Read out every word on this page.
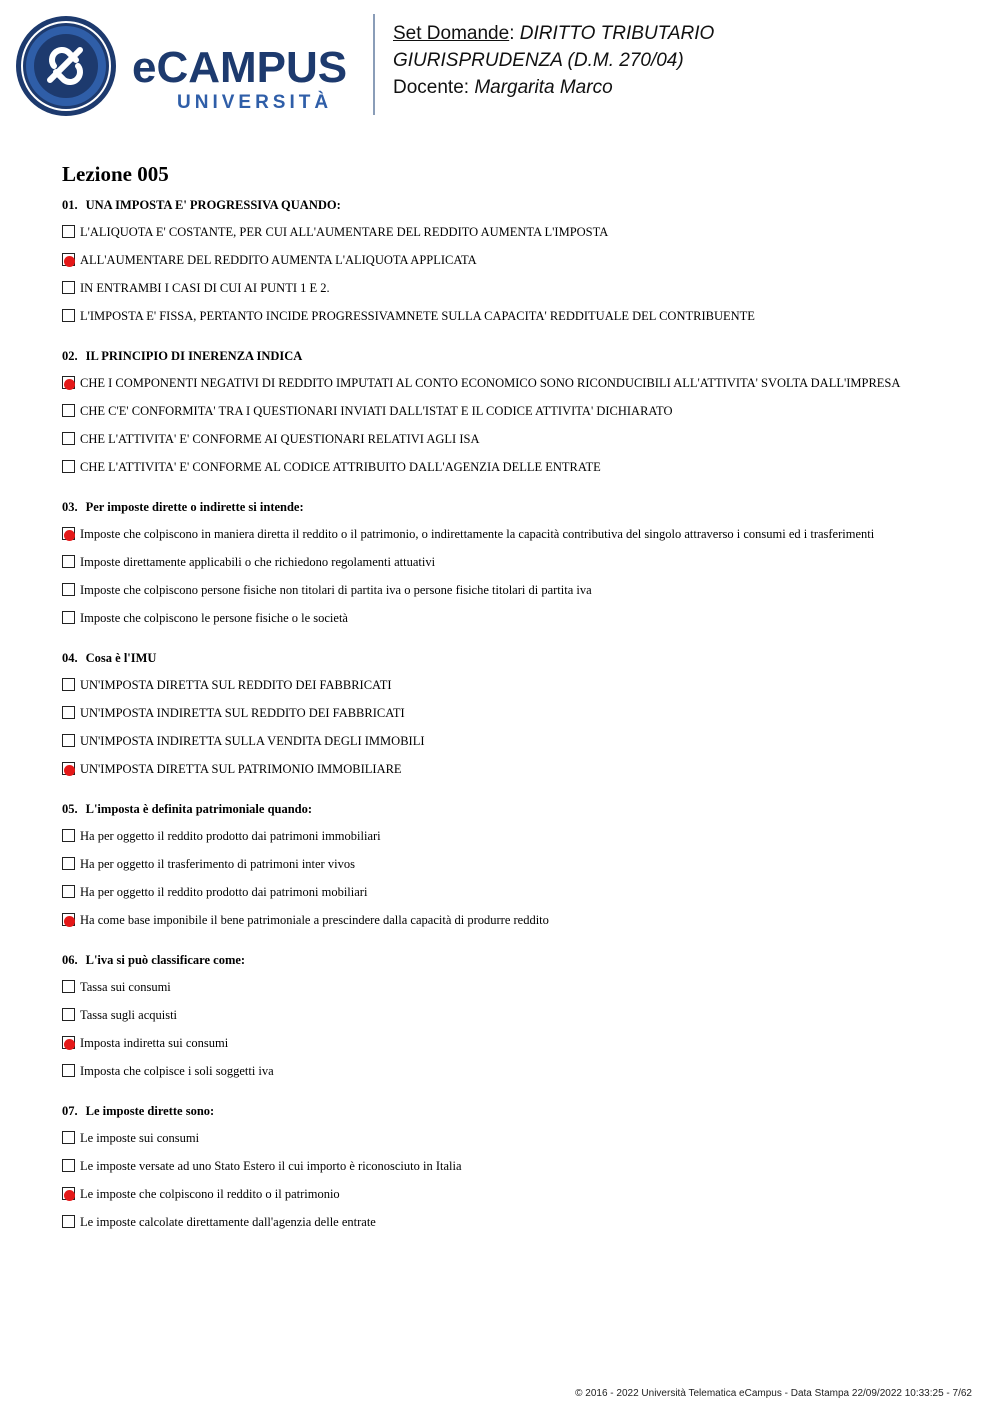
eCAMPUS
UNIVERSITÀ
Set Domande: DIRITTO TRIBUTARIO
GIURISPRUDENZA (D.M. 270/04)
Docente: Margarita Marco
Lezione 005
01. UNA IMPOSTA E' PROGRESSIVA QUANDO:
L'ALIQUOTA E' COSTANTE, PER CUI ALL'AUMENTARE DEL REDDITO AUMENTA L'IMPOSTA
ALL'AUMENTARE DEL REDDITO AUMENTA L'ALIQUOTA APPLICATA
IN ENTRAMBI I CASI DI CUI AI PUNTI 1 E 2.
L'IMPOSTA E' FISSA, PERTANTO INCIDE PROGRESSIVAMNETE SULLA CAPACITA' REDDITUALE DEL CONTRIBUENTE
02. IL PRINCIPIO DI INERENZA INDICA
CHE I COMPONENTI NEGATIVI DI REDDITO IMPUTATI AL CONTO ECONOMICO SONO RICONDUCIBILI ALL'ATTIVITA' SVOLTA DALL'IMPRESA
CHE C'E' CONFORMITA' TRA I QUESTIONARI INVIATI DALL'ISTAT E IL CODICE ATTIVITA' DICHIARATO
CHE L'ATTIVITA' E' CONFORME AI QUESTIONARI RELATIVI AGLI ISA
CHE L'ATTIVITA' E' CONFORME AL CODICE ATTRIBUITO DALL'AGENZIA DELLE ENTRATE
03. Per imposte dirette o indirette si intende:
Imposte che colpiscono in maniera diretta il reddito o il patrimonio, o indirettamente la capacità contributiva del singolo attraverso i consumi ed i trasferimenti
Imposte direttamente applicabili o che richiedono regolamenti attuativi
Imposte che colpiscono persone fisiche non titolari di partita iva o persone fisiche titolari di partita iva
Imposte che colpiscono le persone fisiche o le società
04. Cosa è l'IMU
UN'IMPOSTA DIRETTA SUL REDDITO DEI FABBRICATI
UN'IMPOSTA INDIRETTA SUL REDDITO DEI FABBRICATI
UN'IMPOSTA INDIRETTA SULLA VENDITA DEGLI IMMOBILI
UN'IMPOSTA DIRETTA SUL PATRIMONIO IMMOBILIARE
05. L'imposta è definita patrimoniale quando:
Ha per oggetto il reddito prodotto dai patrimoni immobiliari
Ha per oggetto il trasferimento di patrimoni inter vivos
Ha per oggetto il reddito prodotto dai patrimoni mobiliari
Ha come base imponibile il bene patrimoniale a prescindere dalla capacità di produrre reddito
06. L'iva si può classificare come:
Tassa sui consumi
Tassa sugli acquisti
Imposta indiretta sui consumi
Imposta che colpisce i soli soggetti iva
07. Le imposte dirette sono:
Le imposte sui consumi
Le imposte versate ad uno Stato Estero il cui importo è riconosciuto in Italia
Le imposte che colpiscono il reddito o il patrimonio
Le imposte calcolate direttamente dall'agenzia delle entrate
© 2016 - 2022 Università Telematica eCampus - Data Stampa 22/09/2022 10:33:25 - 7/62
